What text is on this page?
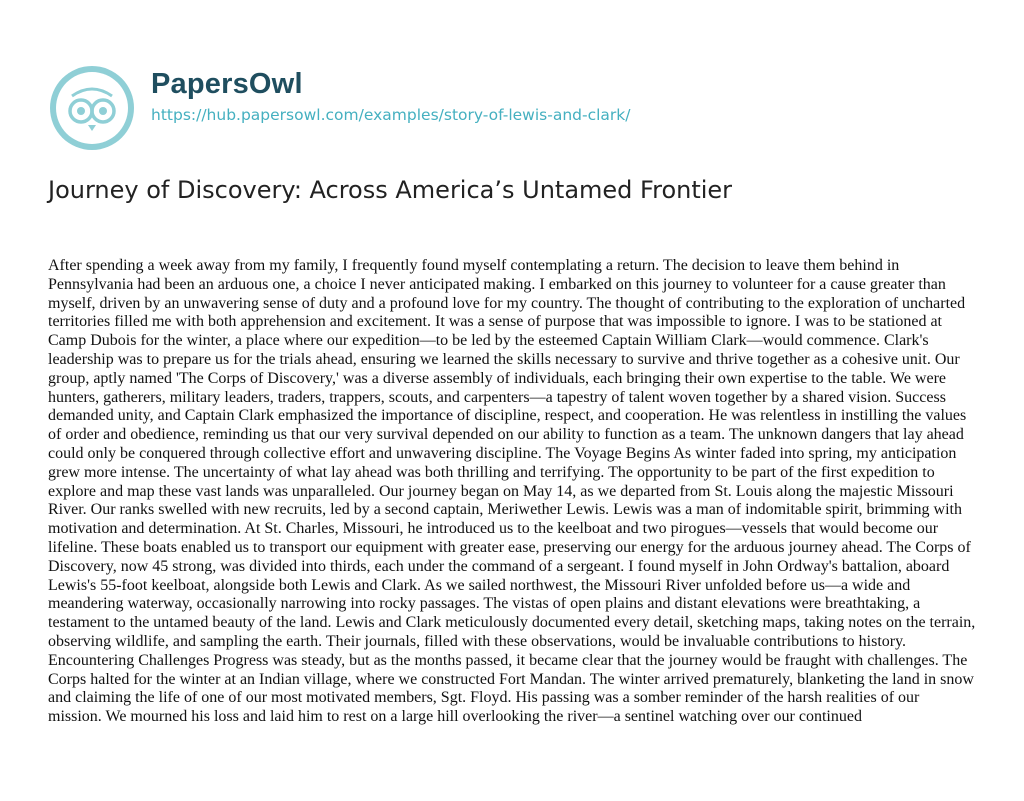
PapersOwl
https://hub.papersowl.com/examples/story-of-lewis-and-clark/
Journey of Discovery: Across America’s Untamed Frontier

After spending a week away from my family, I frequently found myself contemplating a return. The decision to leave them behind in Pennsylvania had been an arduous one, a choice I never anticipated making. I embarked on this journey to volunteer for a cause greater than myself, driven by an unwavering sense of duty and a profound love for my country. The thought of contributing to the exploration of uncharted territories filled me with both apprehension and excitement. It was a sense of purpose that was impossible to ignore. I was to be stationed at Camp Dubois for the winter, a place where our expedition—to be led by the esteemed Captain William Clark—would commence. Clark's leadership was to prepare us for the trials ahead, ensuring we learned the skills necessary to survive and thrive together as a cohesive unit. Our group, aptly named 'The Corps of Discovery,' was a diverse assembly of individuals, each bringing their own expertise to the table. We were hunters, gatherers, military leaders, traders, trappers, scouts, and carpenters—a tapestry of talent woven together by a shared vision. Success demanded unity, and Captain Clark emphasized the importance of discipline, respect, and cooperation. He was relentless in instilling the values of order and obedience, reminding us that our very survival depended on our ability to function as a team. The unknown dangers that lay ahead could only be conquered through collective effort and unwavering discipline. The Voyage Begins As winter faded into spring, my anticipation grew more intense. The uncertainty of what lay ahead was both thrilling and terrifying. The opportunity to be part of the first expedition to explore and map these vast lands was unparalleled. Our journey began on May 14, as we departed from St. Louis along the majestic Missouri River. Our ranks swelled with new recruits, led by a second captain, Meriwether Lewis. Lewis was a man of indomitable spirit, brimming with motivation and determination. At St. Charles, Missouri, he introduced us to the keelboat and two pirogues—vessels that would become our lifeline. These boats enabled us to transport our equipment with greater ease, preserving our energy for the arduous journey ahead. The Corps of Discovery, now 45 strong, was divided into thirds, each under the command of a sergeant. I found myself in John Ordway's battalion, aboard Lewis's 55-foot keelboat, alongside both Lewis and Clark. As we sailed northwest, the Missouri River unfolded before us—a wide and meandering waterway, occasionally narrowing into rocky passages. The vistas of open plains and distant elevations were breathtaking, a testament to the untamed beauty of the land. Lewis and Clark meticulously documented every detail, sketching maps, taking notes on the terrain, observing wildlife, and sampling the earth. Their journals, filled with these observations, would be invaluable contributions to history. Encountering Challenges Progress was steady, but as the months passed, it became clear that the journey would be fraught with challenges. The Corps halted for the winter at an Indian village, where we constructed Fort Mandan. The winter arrived prematurely, blanketing the land in snow and claiming the life of one of our most motivated members, Sgt. Floyd. His passing was a somber reminder of the harsh realities of our mission. We mourned his loss and laid him to rest on a large hill overlooking the river—a sentinel watching over our continued
